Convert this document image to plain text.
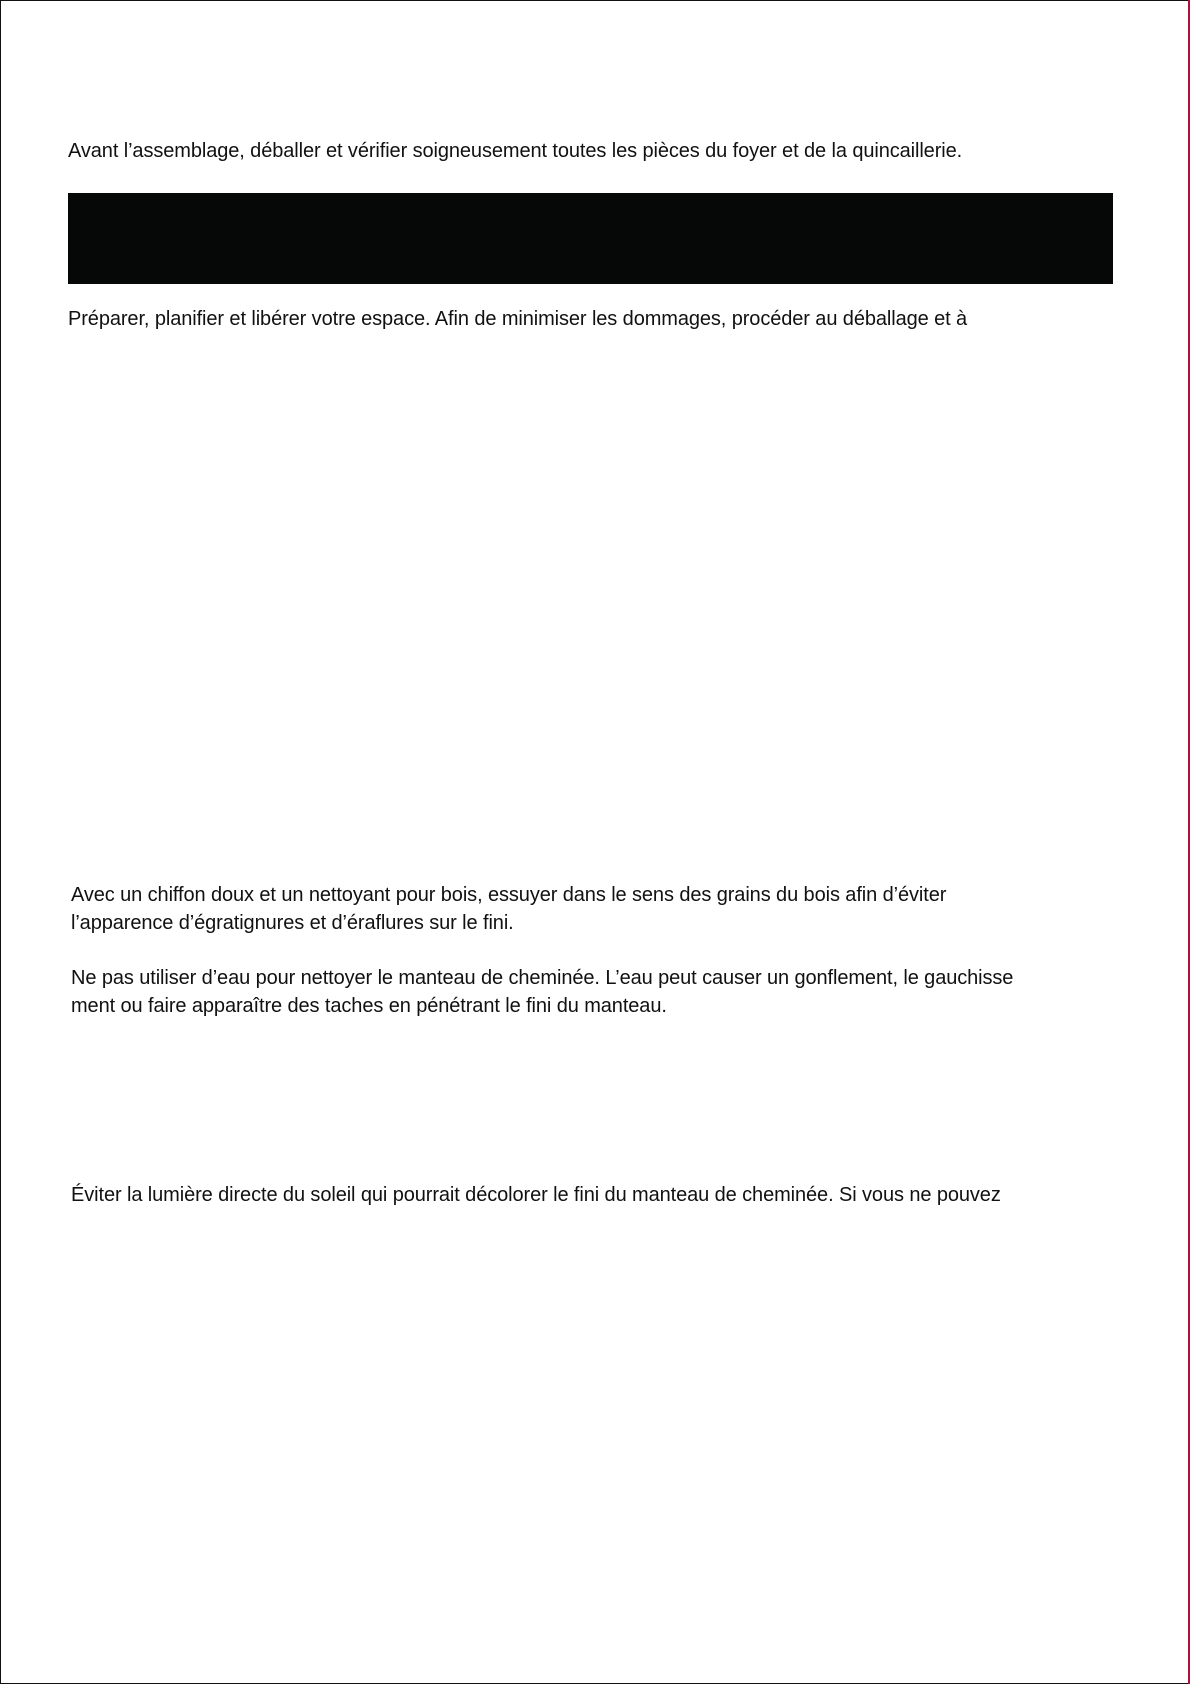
Avant l’assemblage, déballer et vérifier soigneusement toutes les pièces du foyer et de la quincaillerie.
Préparer, planifier et libérer votre espace. Afin de minimiser les dommages, procéder au déballage et à
Avec un chiffon doux et un nettoyant pour bois, essuyer dans le sens des grains du bois afin d’éviter
l’apparence d’égratignures et d’éraflures sur le fini.
Ne pas utiliser d’eau pour nettoyer le manteau de cheminée. L’eau peut causer un gonflement, le gauchisse
ment ou faire apparaître des taches en pénétrant le fini du manteau.
Éviter la lumière directe du soleil qui pourrait décolorer le fini du manteau de cheminée. Si vous ne pouvez
